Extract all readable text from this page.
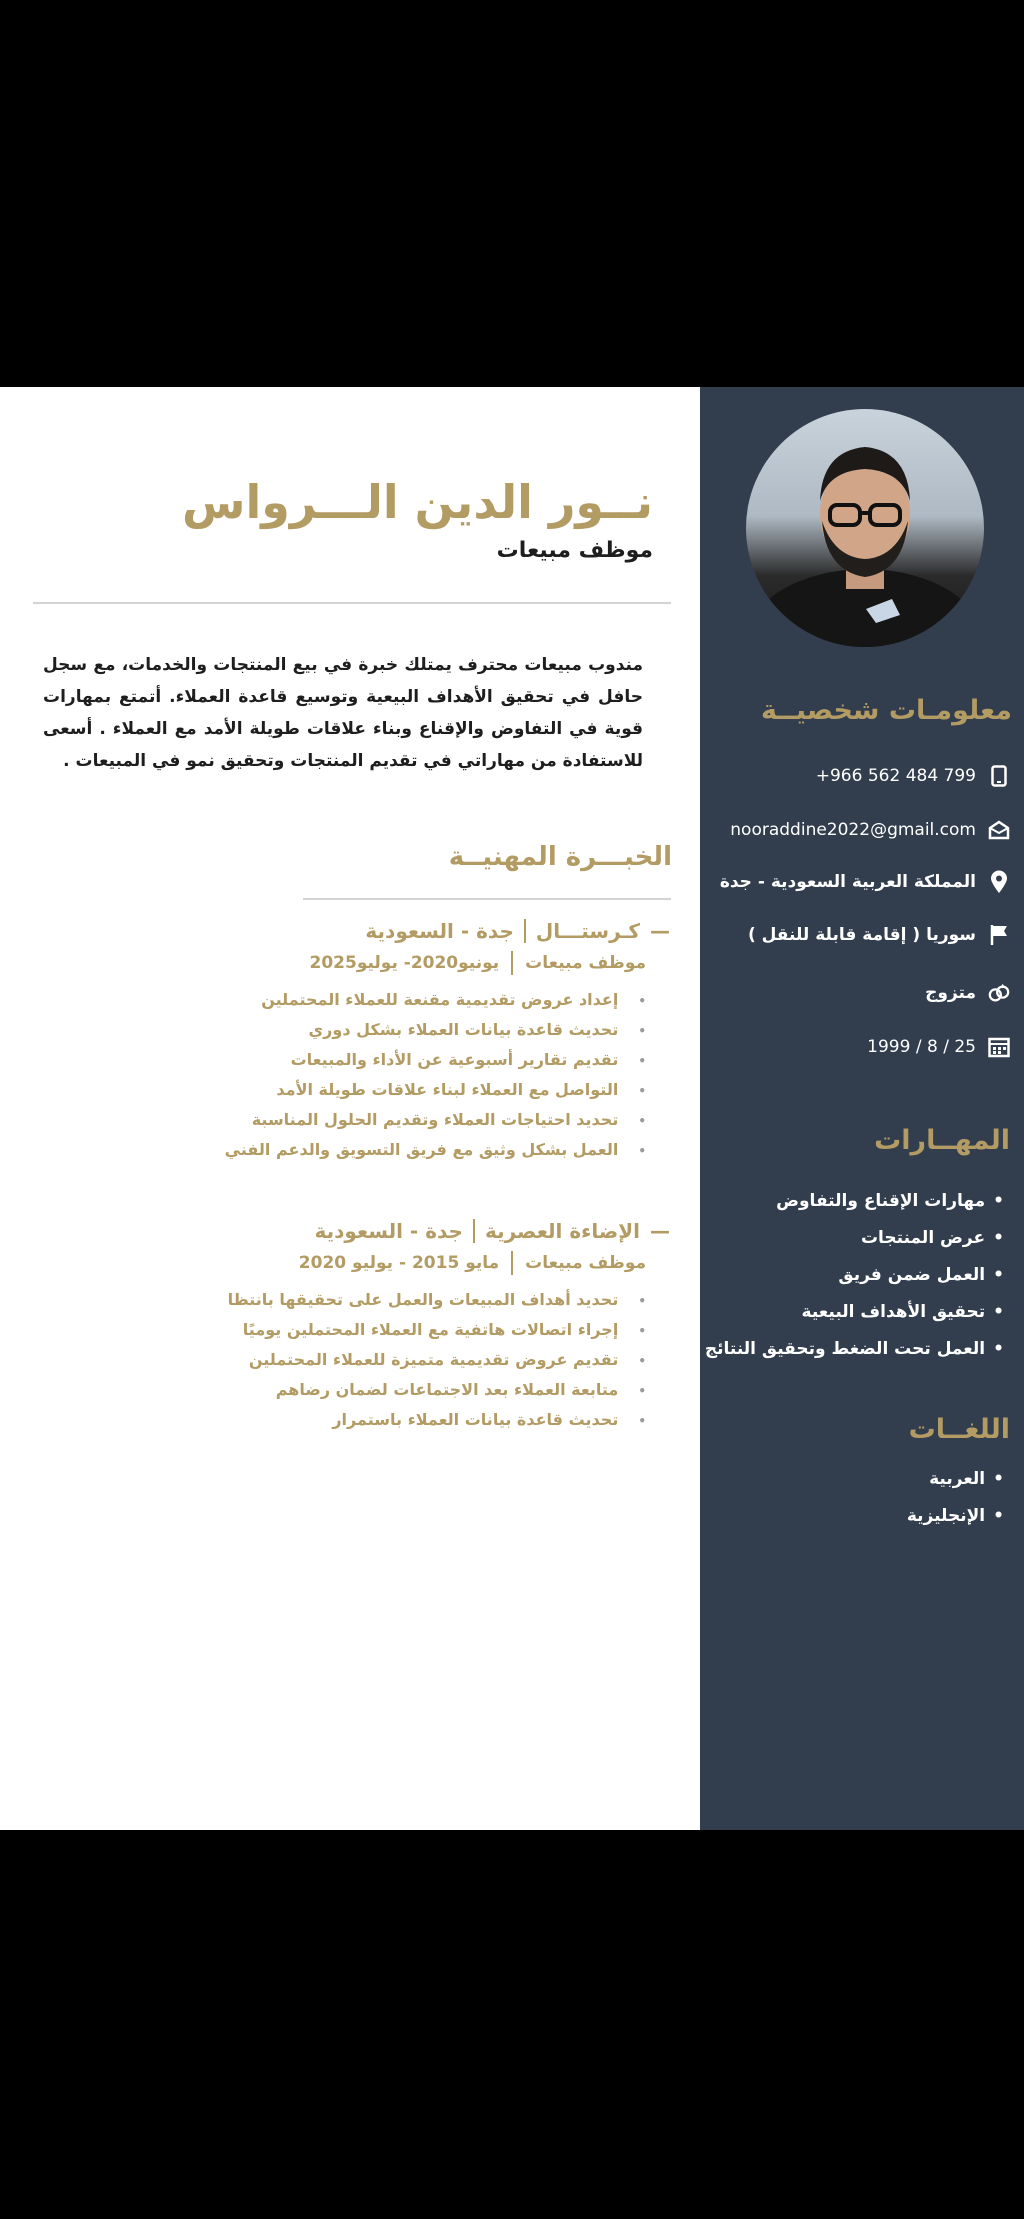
نــور الدين الـــرواس
موظف مبيعات

مندوب مبيعات محترف يمتلك خبرة في بيع المنتجات والخدمات، مع سجل حافل في تحقيق الأهداف البيعية وتوسيع قاعدة العملاء. أتمتع بمهارات قوية في التفاوض والإقناع وبناء علاقات طويلة الأمد مع العملاء . أسعى للاستفادة من مهاراتي في تقديم المنتجات وتحقيق نمو في المبيعات .

الخبـــرة المهنيــة
—
كـرستـــال
جدة - السعودية
موظف مبيعات
يونيو2020- يوليو2025
• إعداد عروض تقديمية مقنعة للعملاء المحتملين
• تحديث قاعدة بيانات العملاء بشكل دوري
• تقديم تقارير أسبوعية عن الأداء والمبيعات
• التواصل مع العملاء لبناء علاقات طويلة الأمد
• تحديد احتياجات العملاء وتقديم الحلول المناسبة
• العمل بشكل وثيق مع فريق التسويق والدعم الفني
—
الإضاءة العصرية
جدة - السعودية
موظف مبيعات
مايو 2015 - يوليو 2020
• تحديد أهداف المبيعات والعمل على تحقيقها بانتظا
• إجراء اتصالات هاتفية مع العملاء المحتملين يوميًا
• تقديم عروض تقديمية متميزة للعملاء المحتملين
• متابعة العملاء بعد الاجتماعات لضمان رضاهم
• تحديث قاعدة بيانات العملاء باستمرار
معلومـات شخصيــة
+966 562 484 799
nooraddine2022@gmail.com
المملكة العربية السعودية - جدة
سوريا ( إقامة قابلة للنقل )
متزوج
25 / 8 / 1999
المهــارات
• مهارات الإقناع والتفاوض
• عرض المنتجات
• العمل ضمن فريق
• تحقيق الأهداف البيعية
• العمل تحت الضغط وتحقيق النتائج
اللغــات
• العربية
• الإنجليزية
